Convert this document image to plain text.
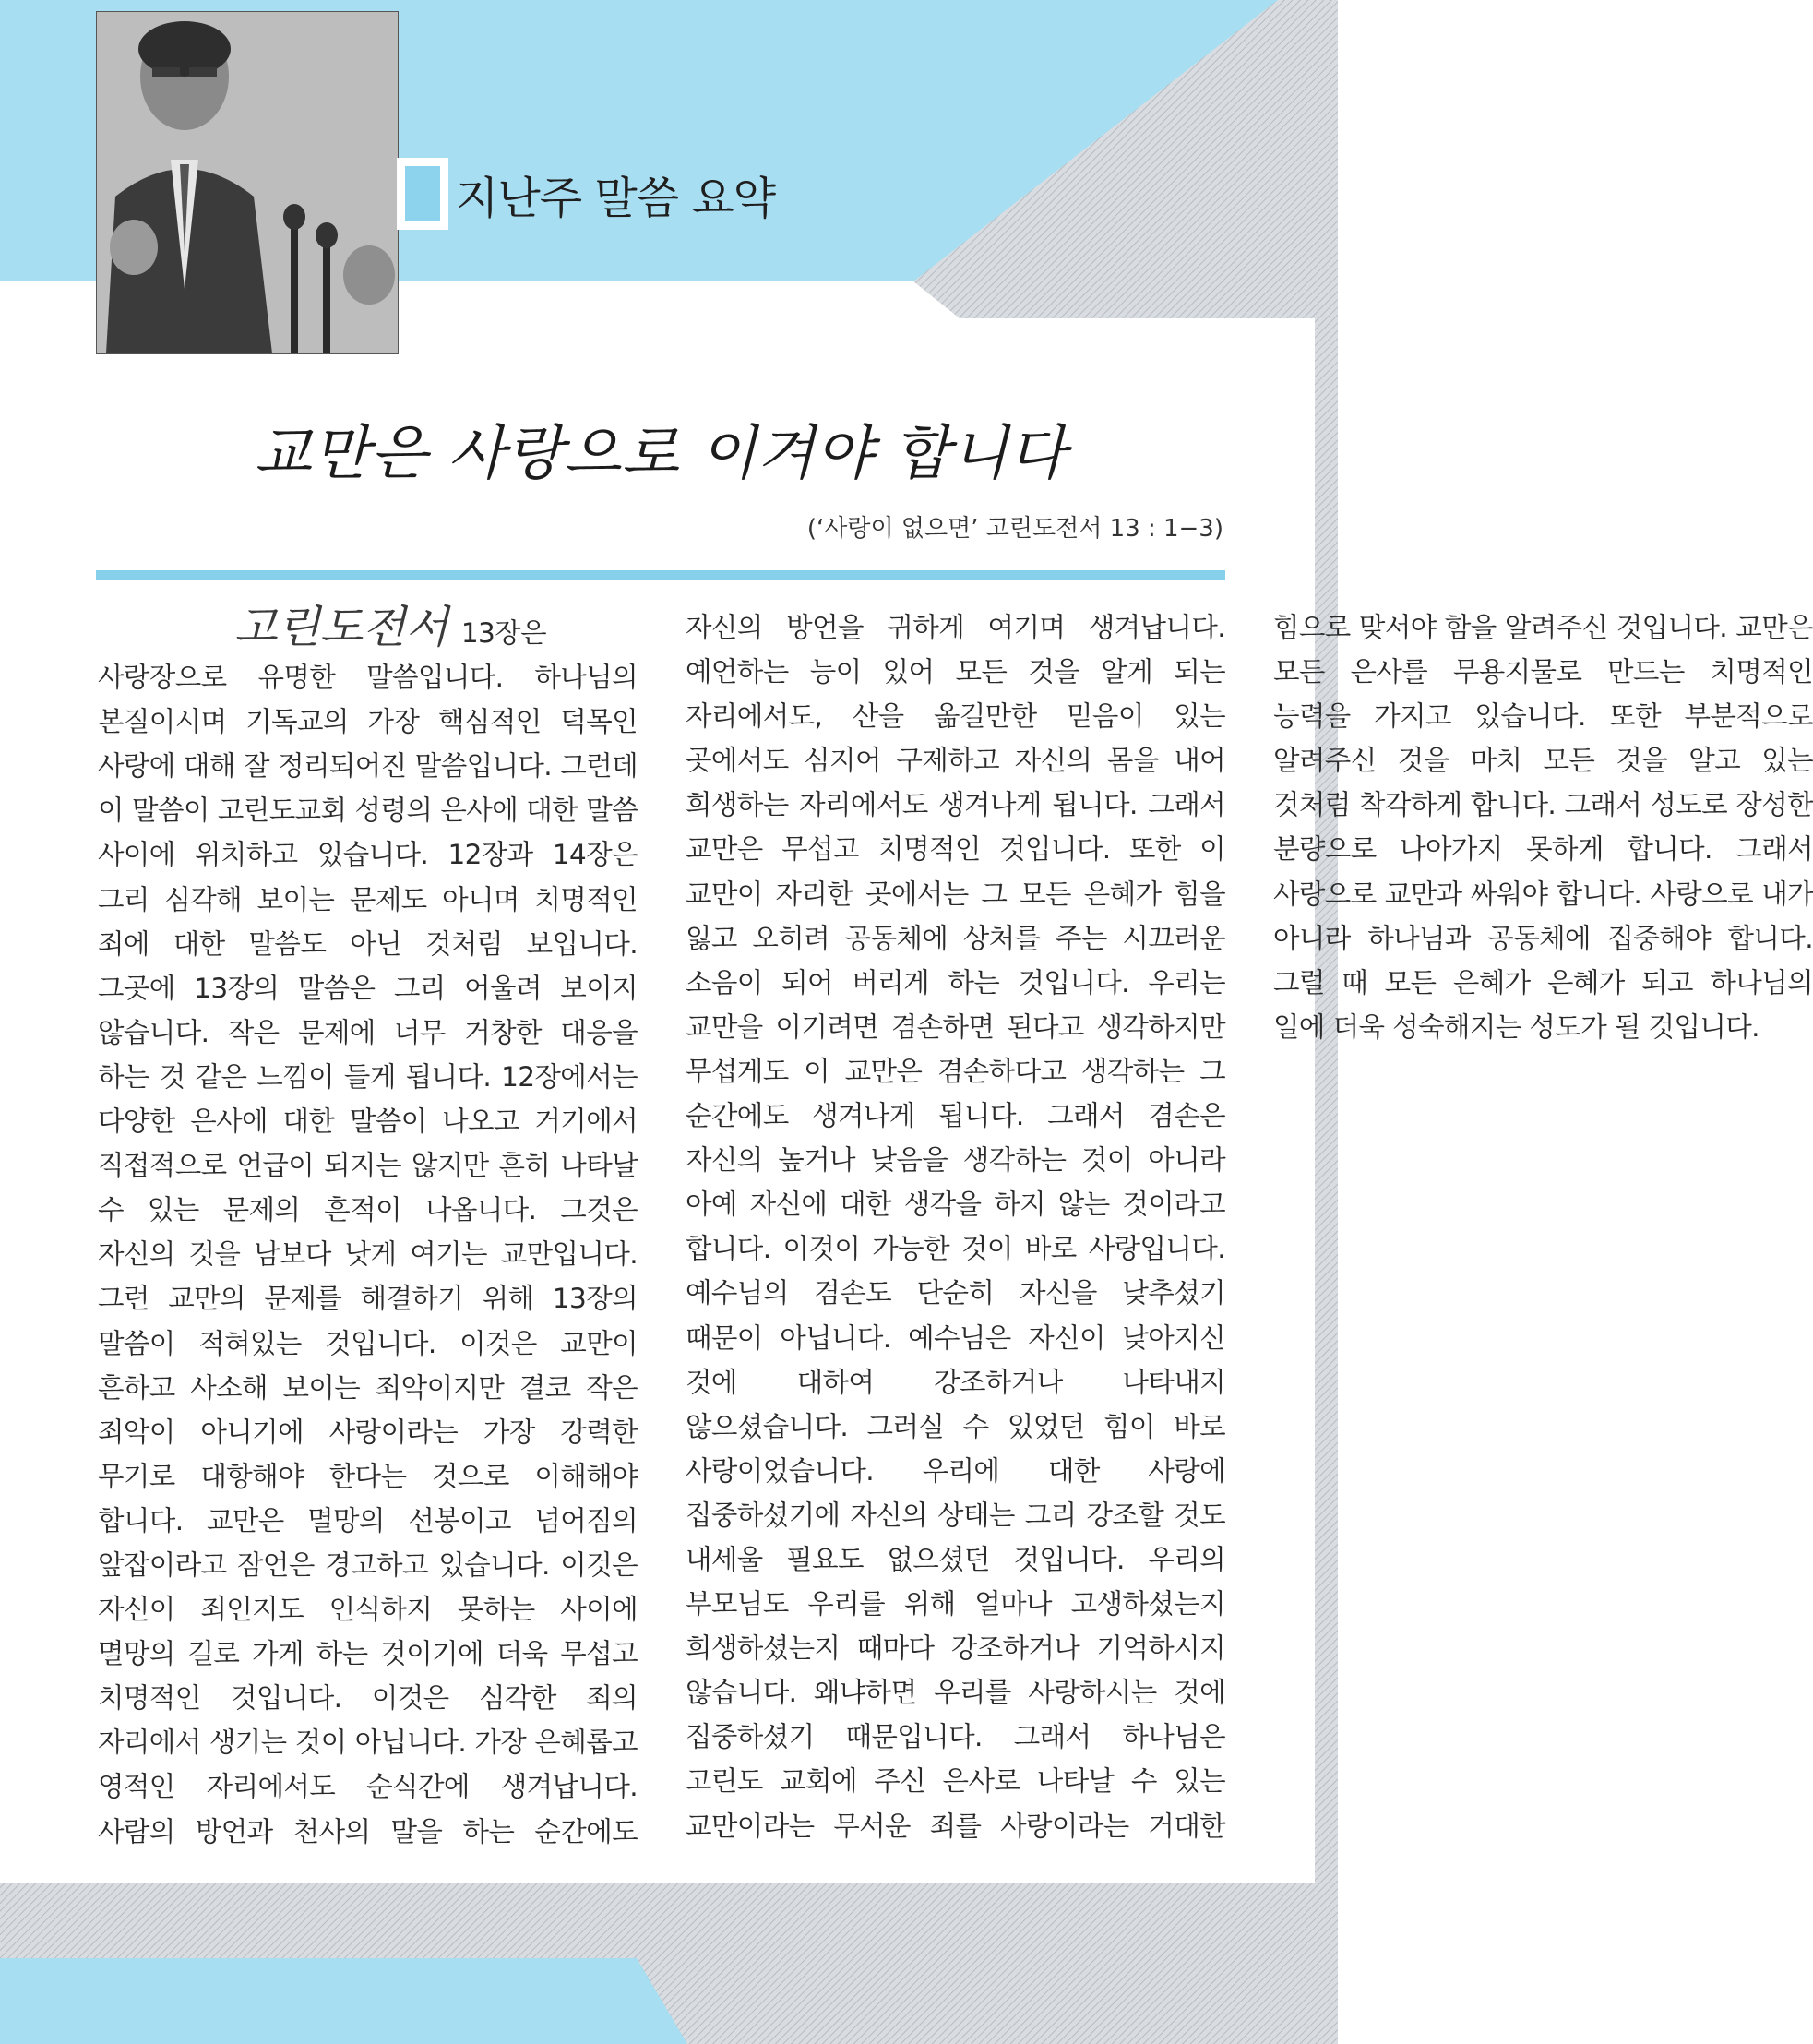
지난주 말씀 요약
교만은 사랑으로 이겨야 합니다
(‘사랑이 없으면’ 고린도전서 13 : 1−3)

고린도전서 13장은 사랑장으로 유명한 말씀입니다. 하나님의 본질이시며 기독교의 가장 핵심적인 덕목인 사랑에 대해 잘 정리되어진 말씀입니다. 그런데 이 말씀이 고린도교회 성령의 은사에 대한 말씀 사이에 위치하고 있습니다. 12장과 14장은 그리 심각해 보이는 문제도 아니며 치명적인 죄에 대한 말씀도 아닌 것처럼 보입니다. 그곳에 13장의 말씀은 그리 어울려 보이지 않습니다. 작은 문제에 너무 거창한 대응을 하는 것 같은 느낌이 들게 됩니다. 12장에서는 다양한 은사에 대한 말씀이 나오고 거기에서 직접적으로 언급이 되지는 않지만 흔히 나타날 수 있는 문제의 흔적이 나옵니다. 그것은 자신의 것을 남보다 낫게 여기는 교만입니다. 그런 교만의 문제를 해결하기 위해 13장의 말씀이 적혀있는 것입니다. 이것은 교만이 흔하고 사소해 보이는 죄악이지만 결코 작은 죄악이 아니기에 사랑이라는 가장 강력한 무기로 대항해야 한다는 것으로 이해해야 합니다. 교만은 멸망의 선봉이고 넘어짐의 앞잡이라고 잠언은 경고하고 있습니다. 이것은 자신이 죄인지도 인식하지 못하는 사이에 멸망의 길로 가게 하는 것이기에 더욱 무섭고 치명적인 것입니다. 이것은 심각한 죄의 자리에서 생기는 것이 아닙니다. 가장 은혜롭고 영적인 자리에서도 순식간에 생겨납니다. 사람의 방언과 천사의 말을 하는 순간에도 자신의 방언을 귀하게 여기며 생겨납니다. 예언하는 능이 있어 모든 것을 알게 되는 자리에서도, 산을 옮길만한 믿음이 있는 곳에서도 심지어 구제하고 자신의 몸을 내어 희생하는 자리에서도 생겨나게 됩니다. 그래서 교만은 무섭고 치명적인 것입니다. 또한 이 교만이 자리한 곳에서는 그 모든 은혜가 힘을 잃고 오히려 공동체에 상처를 주는 시끄러운 소음이 되어 버리게 하는 것입니다. 우리는 교만을 이기려면 겸손하면 된다고 생각하지만 무섭게도 이 교만은 겸손하다고 생각하는 그 순간에도 생겨나게 됩니다. 그래서 겸손은 자신의 높거나 낮음을 생각하는 것이 아니라 아예 자신에 대한 생각을 하지 않는 것이라고 합니다. 이것이 가능한 것이 바로 사랑입니다. 예수님의 겸손도 단순히 자신을 낮추셨기 때문이 아닙니다. 예수님은 자신이 낮아지신 것에 대하여 강조하거나 나타내지 않으셨습니다. 그러실 수 있었던 힘이 바로 사랑이었습니다. 우리에 대한 사랑에 집중하셨기에 자신의 상태는 그리 강조할 것도 내세울 필요도 없으셨던 것입니다. 우리의 부모님도 우리를 위해 얼마나 고생하셨는지 희생하셨는지 때마다 강조하거나 기억하시지 않습니다. 왜냐하면 우리를 사랑하시는 것에 집중하셨기 때문입니다. 그래서 하나님은 고린도 교회에 주신 은사로 나타날 수 있는 교만이라는 무서운 죄를 사랑이라는 거대한 힘으로 맞서야 함을 알려주신 것입니다. 교만은 모든 은사를 무용지물로 만드는 치명적인 능력을 가지고 있습니다. 또한 부분적으로 알려주신 것을 마치 모든 것을 알고 있는 것처럼 착각하게 합니다. 그래서 성도로 장성한 분량으로 나아가지 못하게 합니다. 그래서 사랑으로 교만과 싸워야 합니다. 사랑으로 내가 아니라 하나님과 공동체에 집중해야 합니다. 그럴 때 모든 은혜가 은혜가 되고 하나님의 일에 더욱 성숙해지는 성도가 될 것입니다.
